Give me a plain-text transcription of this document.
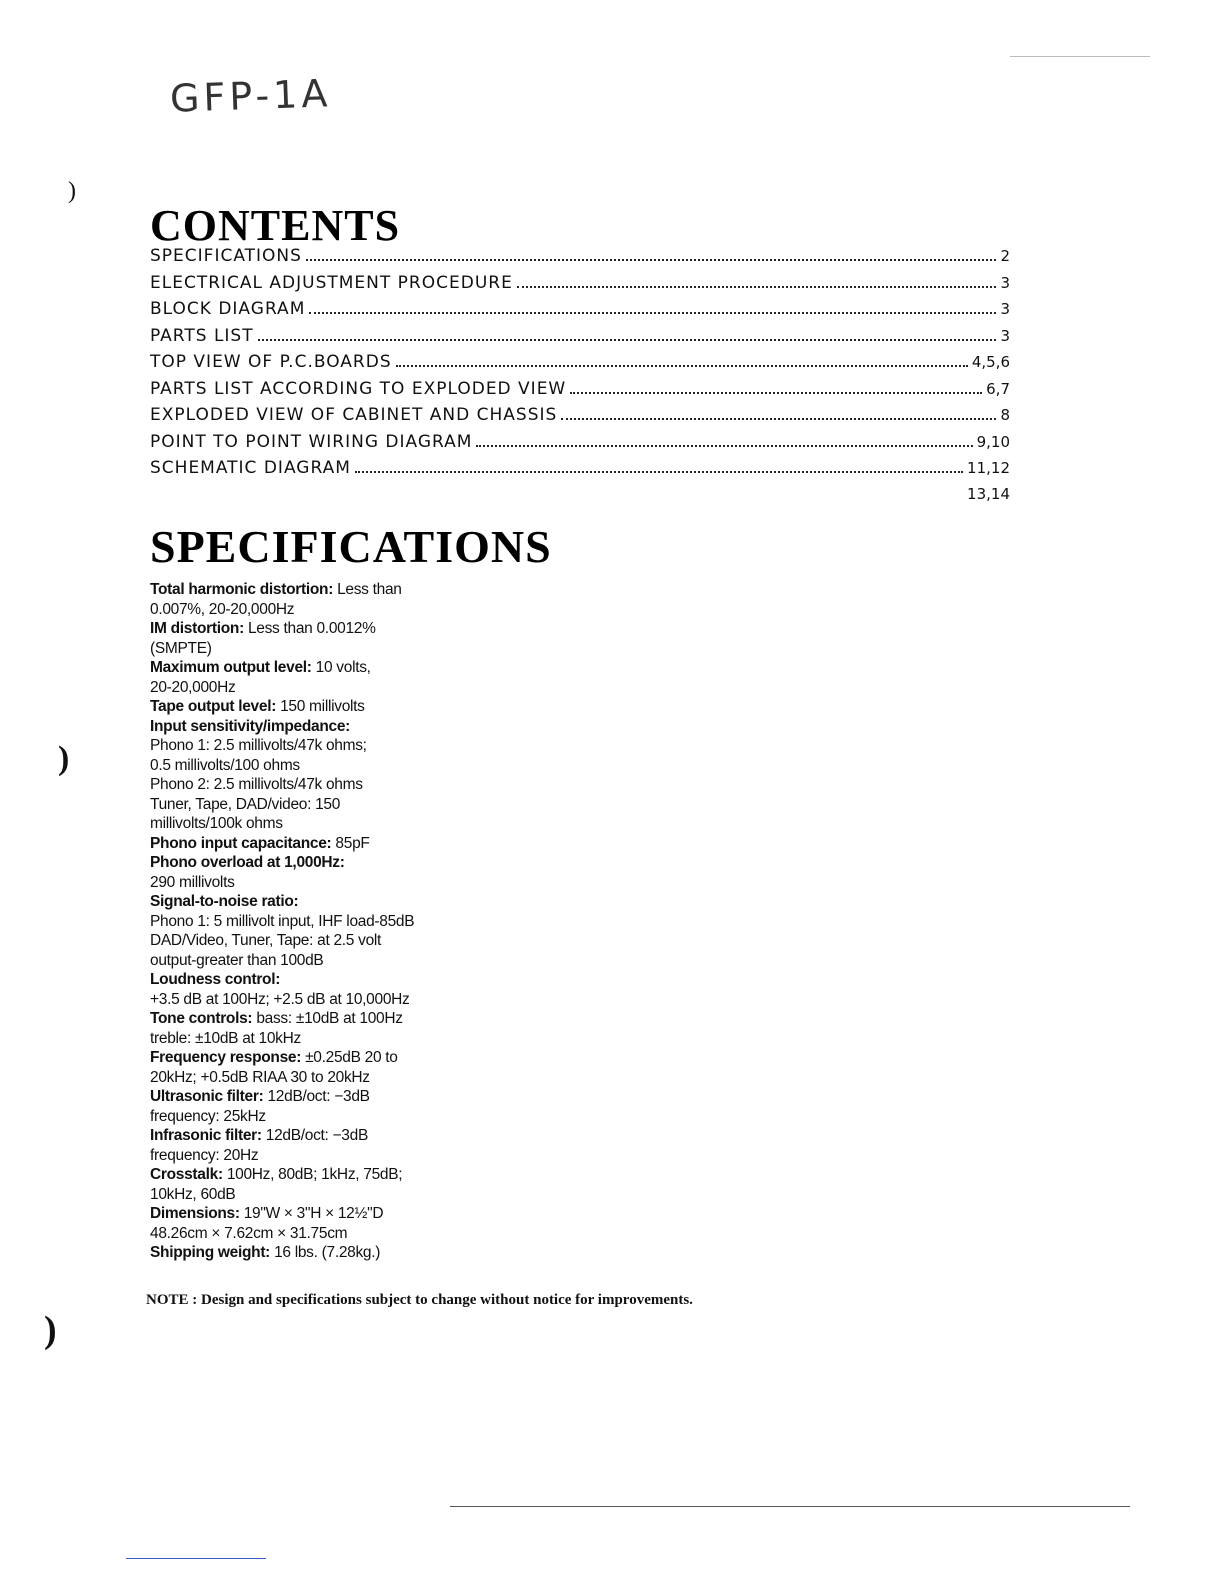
GFP-1A
CONTENTS
SPECIFICATIONS	2
ELECTRICAL ADJUSTMENT PROCEDURE	3
BLOCK DIAGRAM	3
PARTS LIST	3
TOP VIEW OF P.C.BOARDS	4,5,6
PARTS LIST ACCORDING TO EXPLODED VIEW	6,7
EXPLODED VIEW OF CABINET AND CHASSIS	8
POINT TO POINT WIRING DIAGRAM	9,10
SCHEMATIC DIAGRAM	11,12
13,14
SPECIFICATIONS

Total harmonic distortion: Less than
0.007%, 20-20,000Hz

IM distortion: Less than 0.0012%
(SMPTE)

Maximum output level: 10 volts,
20-20,000Hz

Tape output level: 150 millivolts

Input sensitivity/impedance:
Phono 1: 2.5 millivolts/47k ohms;
0.5 millivolts/100 ohms
Phono 2: 2.5 millivolts/47k ohms
Tuner, Tape, DAD/video: 150
millivolts/100k ohms

Phono input capacitance: 85pF

Phono overload at 1,000Hz:
290 millivolts

Signal-to-noise ratio:
Phono 1: 5 millivolt input, IHF load-85dB
DAD/Video, Tuner, Tape: at 2.5 volt
output-greater than 100dB

Loudness control:
+3.5 dB at 100Hz; +2.5 dB at 10,000Hz

Tone controls: bass: ±10dB at 100Hz
treble: ±10dB at 10kHz

Frequency response: ±0.25dB 20 to
20kHz; +0.5dB RIAA 30 to 20kHz

Ultrasonic filter: 12dB/oct: −3dB
frequency: 25kHz

Infrasonic filter: 12dB/oct: −3dB
frequency: 20Hz

Crosstalk: 100Hz, 80dB; 1kHz, 75dB;
10kHz, 60dB

Dimensions: 19"W × 3"H × 12½"D
48.26cm × 7.62cm × 31.75cm

Shipping weight: 16 lbs. (7.28kg.)

NOTE : Design and specifications subject to change without notice for improvements.
)
)
)
